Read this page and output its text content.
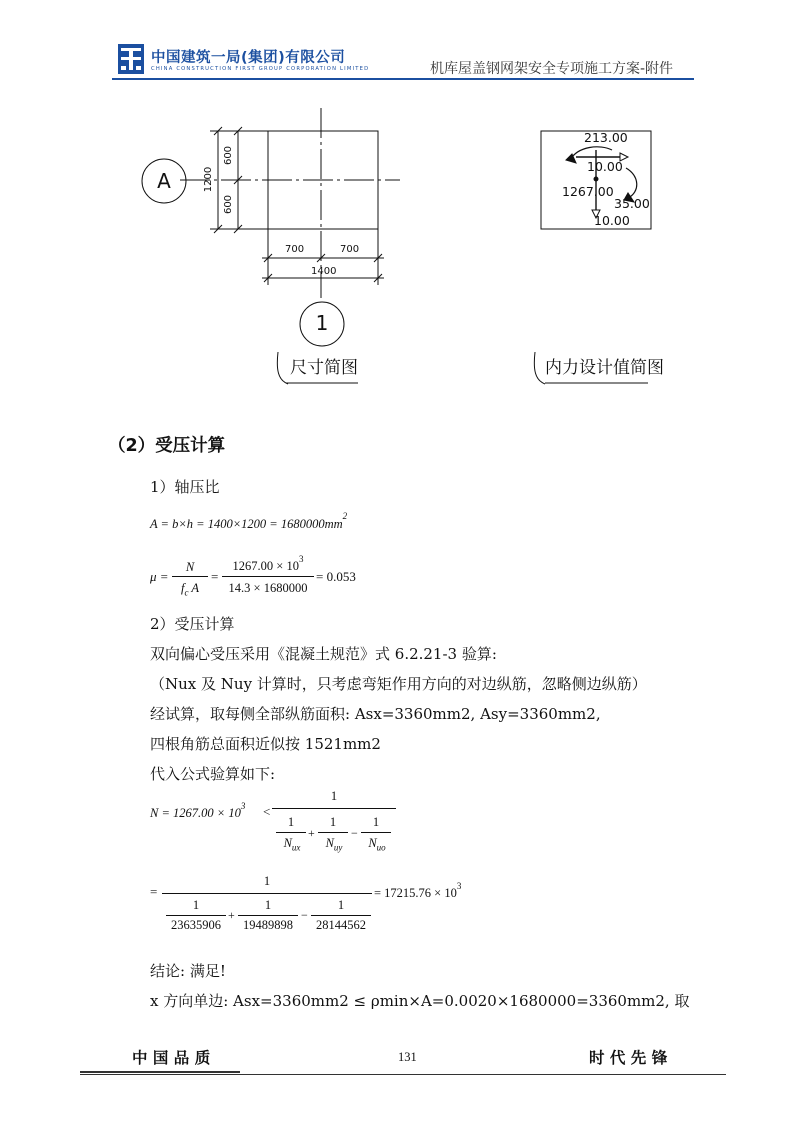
中国建筑一局(集团)有限公司
CHINA CONSTRUCTION FIRST GROUP CORPORATION LIMITED	机库屋盖钢网架安全专项施工方案-附件
A
1
600
600
1200
700	700
1400
尺寸简图
213.00
10.00
1267.00
35.00
10.00
内力设计值简图
（2）受压计算
1）轴压比
$A = b\times h = 1400\times 1200 = 1680000mm^2$
μ =
N
$f_c$ A
=
$1267.00 \times 10^3$
14.3 × 1680000
= 0.053
2）受压计算
双向偏心受压采用《混凝土规范》式 6.2.21-3 验算:
（Nux 及 Nuy 计算时，只考虑弯矩作用方向的对边纵筋，忽略侧边纵筋）
经试算，取每侧全部纵筋面积: Asx=3360mm2, Asy=3360mm2,
四根角筋总面积近似按 1521mm2
代入公式验算如下:
$N = 1267.00 \times 10^3$ <
1
1
$N_{ux}$
+
1
$N_{uy}$
−
1
$N_{uo}$
=
1
1
23635906
+
1
19489898
−
1
28144562
= $17215.76 \times 10^3$
结论: 满足!
x 方向单边: Asx=3360mm2 ≤ ρmin×A=0.0020×1680000=3360mm2, 取
中 国 品 质	131	时 代 先 锋
